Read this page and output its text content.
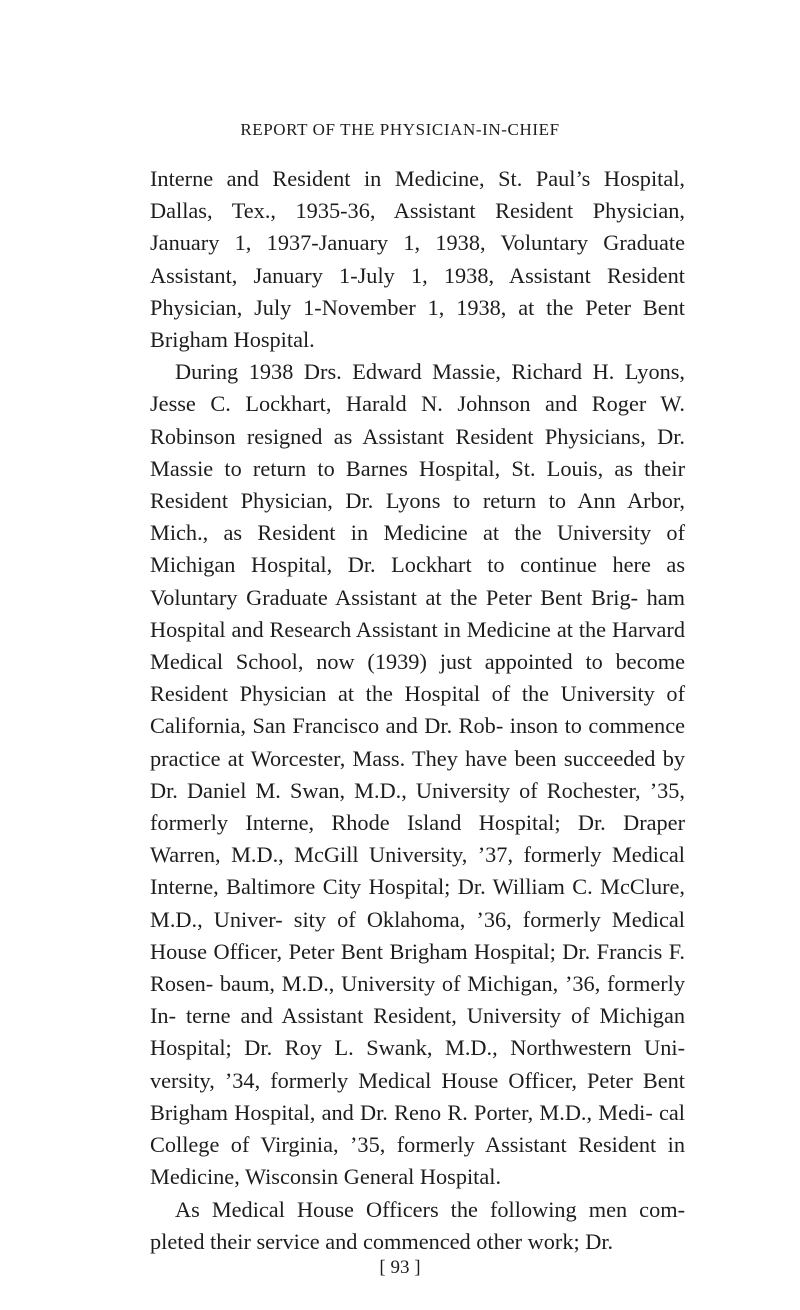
REPORT OF THE PHYSICIAN-IN-CHIEF

Interne and Resident in Medicine, St. Paul’s Hospital, Dallas, Tex., 1935-36, Assistant Resident Physician, January 1, 1937-January 1, 1938, Voluntary Graduate Assistant, January 1-July 1, 1938, Assistant Resident Physician, July 1-November 1, 1938, at the Peter Bent Brigham Hospital.

During 1938 Drs. Edward Massie, Richard H. Lyons, Jesse C. Lockhart, Harald N. Johnson and Roger W. Robinson resigned as Assistant Resident Physicians, Dr. Massie to return to Barnes Hospital, St. Louis, as their Resident Physician, Dr. Lyons to return to Ann Arbor, Mich., as Resident in Medicine at the University of Michigan Hospital, Dr. Lockhart to continue here as Voluntary Graduate Assistant at the Peter Bent Brig- ham Hospital and Research Assistant in Medicine at the Harvard Medical School, now (1939) just appointed to become Resident Physician at the Hospital of the University of California, San Francisco and Dr. Rob- inson to commence practice at Worcester, Mass. They have been succeeded by Dr. Daniel M. Swan, M.D., University of Rochester, ’35, formerly Interne, Rhode Island Hospital; Dr. Draper Warren, M.D., McGill University, ’37, formerly Medical Interne, Baltimore City Hospital; Dr. William C. McClure, M.D., Univer- sity of Oklahoma, ’36, formerly Medical House Officer, Peter Bent Brigham Hospital; Dr. Francis F. Rosen- baum, M.D., University of Michigan, ’36, formerly In- terne and Assistant Resident, University of Michigan Hospital; Dr. Roy L. Swank, M.D., Northwestern Uni- versity, ’34, formerly Medical House Officer, Peter Bent Brigham Hospital, and Dr. Reno R. Porter, M.D., Medi- cal College of Virginia, ’35, formerly Assistant Resident in Medicine, Wisconsin General Hospital.

As Medical House Officers the following men com- pleted their service and commenced other work; Dr.

[ 93 ]
